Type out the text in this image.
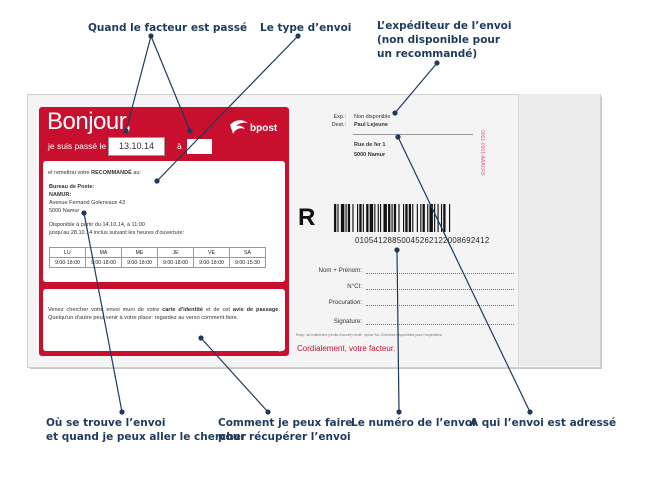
Quand le facteur est passé Le type d’envoi L’expéditeur de l’envoi
(non disponible pour
un recommandé)
Où se trouve l’envoi
et quand je peux aller le chercher
Comment je peux faire
pour récupérer l’envoi
Le numéro de l’envoi
A qui l’envoi est adressé
Bonjour,
je suis passé le	13.10.14	à
bpost
et remettrai votre RECOMMANDÉ au:
Bureau de Poste:
NAMUR:
Avenue Fernand Golenvaux 43
5000 Namur
Disponible à partir du 14.10.14, à 11:00
jusqu'au 28.10.14 inclus suivant les heures d'ouverture:
LU	MA	ME	JE	VE	SA
9:00-18:00	9:00-18:00	9:00-18:00	9:00-18:00	9:00-18:00	9:00-15:30
Venez chercher votre envoi muni de votre carte d'identité et de cet avis de passage. Quelqu'un d'autre peut venir à votre place: regardez au verso comment faire.
VERSO
Exp.: Non disponible
Dest.: Paul Lejeune
Rue de fer 1
5000 Namur	0001-0001-AAACR0
R
01054128850045262122008692412
Nom + Prénom:
N°CI:
Procuration:
Signature:
Resp. du traitement (droits d'accès) rectif.: bpost SA. Données disponibles pour l'expéditeur.
Cordialement, votre facteur.
